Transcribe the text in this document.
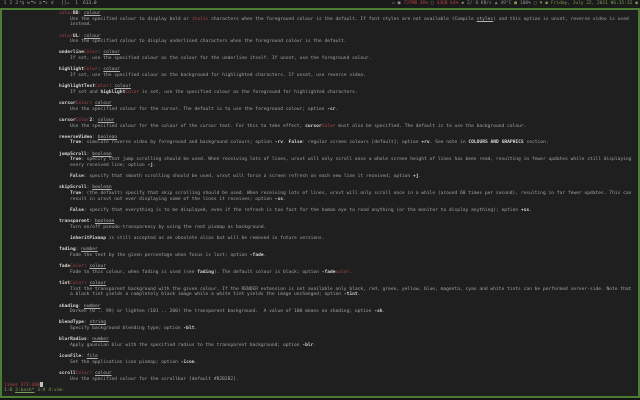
1 2 3 q w e a s d []= 1 613.0	▫ ■ 737MB 36% □ 44GB 64% ◆ 2/ 0 KB/s ▲ 49°C ■ 100% □ ▼ ● Friday, July 22, 2011 06:35:32 ●
colorBD: colour
Use the specified colour to display bold or italic characters when the foreground colour is the default. If font styles are not available (Compile styles) and this option is unset, reverse video is used
instead.
colorUL: colour
Use the specified colour to display underlined characters when the foreground colour is the default.
underlineColor: colour
If set, use the specified colour as the colour for the underline itself. If unset, use the foreground colour.
highlightColor: colour
If set, use the specified colour as the background for highlighted characters. If unset, use reverse video.
highlightTextColor: colour
If set and highlightColor is set, use the specified colour as the foreground for highlighted characters.
cursorColor: colour
Use the specified colour for the cursor. The default is to use the foreground colour; option -cr.
cursorColor2: colour
Use the specified colour for the colour of the cursor text. For this to take effect, cursorColor must also be specified. The default is to use the background colour.
reverseVideo: boolean
True: simulate reverse video by foreground and background colours; option -rv. False: regular screen colours [default]; option +rv. See note in COLOURS AND GRAPHICS section.
jumpScroll: boolean
True: specify that jump scrolling should be used. When receiving lots of lines, urxvt will only scroll once a whole screen height of lines has been read, resulting in fewer updates while still displaying
every received line; option -j.
False: specify that smooth scrolling should be used. urxvt will force a screen refresh on each new line it received; option +j.
skipScroll: boolean
True: (the default) specify that skip scrolling should be used. When receiving lots of lines, urxvt will only scroll once in a while (around 60 times per second), resulting in far fewer updates. This can
result in urxvt not ever displaying some of the lines it receives; option -ss.
False: specify that everything is to be displayed, even if the refresh is too fast for the human eye to read anything (or the monitor to display anything); option +ss.
transparent: boolean
Turn on/off pseudo-transparency by using the root pixmap as background.
inheritPixmap is still accepted as an obsolete alias but will be removed in future versions.
fading: number
Fade the text by the given percentage when focus is lost; option -fade.
fadeColor: colour
Fade to this colour, when fading is used (see fading). The default colour is black; option -fadecolor.
tintColor: colour
Tint the transparent background with the given colour. If the RENDER extension is not available only black, red, green, yellow, blue, magenta, cyan and white tints can be performed server-side. Note that
a black tint yields a completely black image while a white tint yields the image unchanged; option -tint.
shading: number
Darken (0 .. 99) or lighten (101 .. 200) the transparent background.  A value of 100 means no shading; option -sh.
blendType: string
Specify background blending type; option -blt.
blurRadius: number
Apply gaussian blur with the specified radius to the transparent background; option -blr.
iconFile: file
Set the application icon pixmap; option -icon.
scrollColor: colour
Use the specified colour for the scrollbar [default #B2B2B2].
lines 372-430
1:0 2:bash* 3:# 4:vim-
